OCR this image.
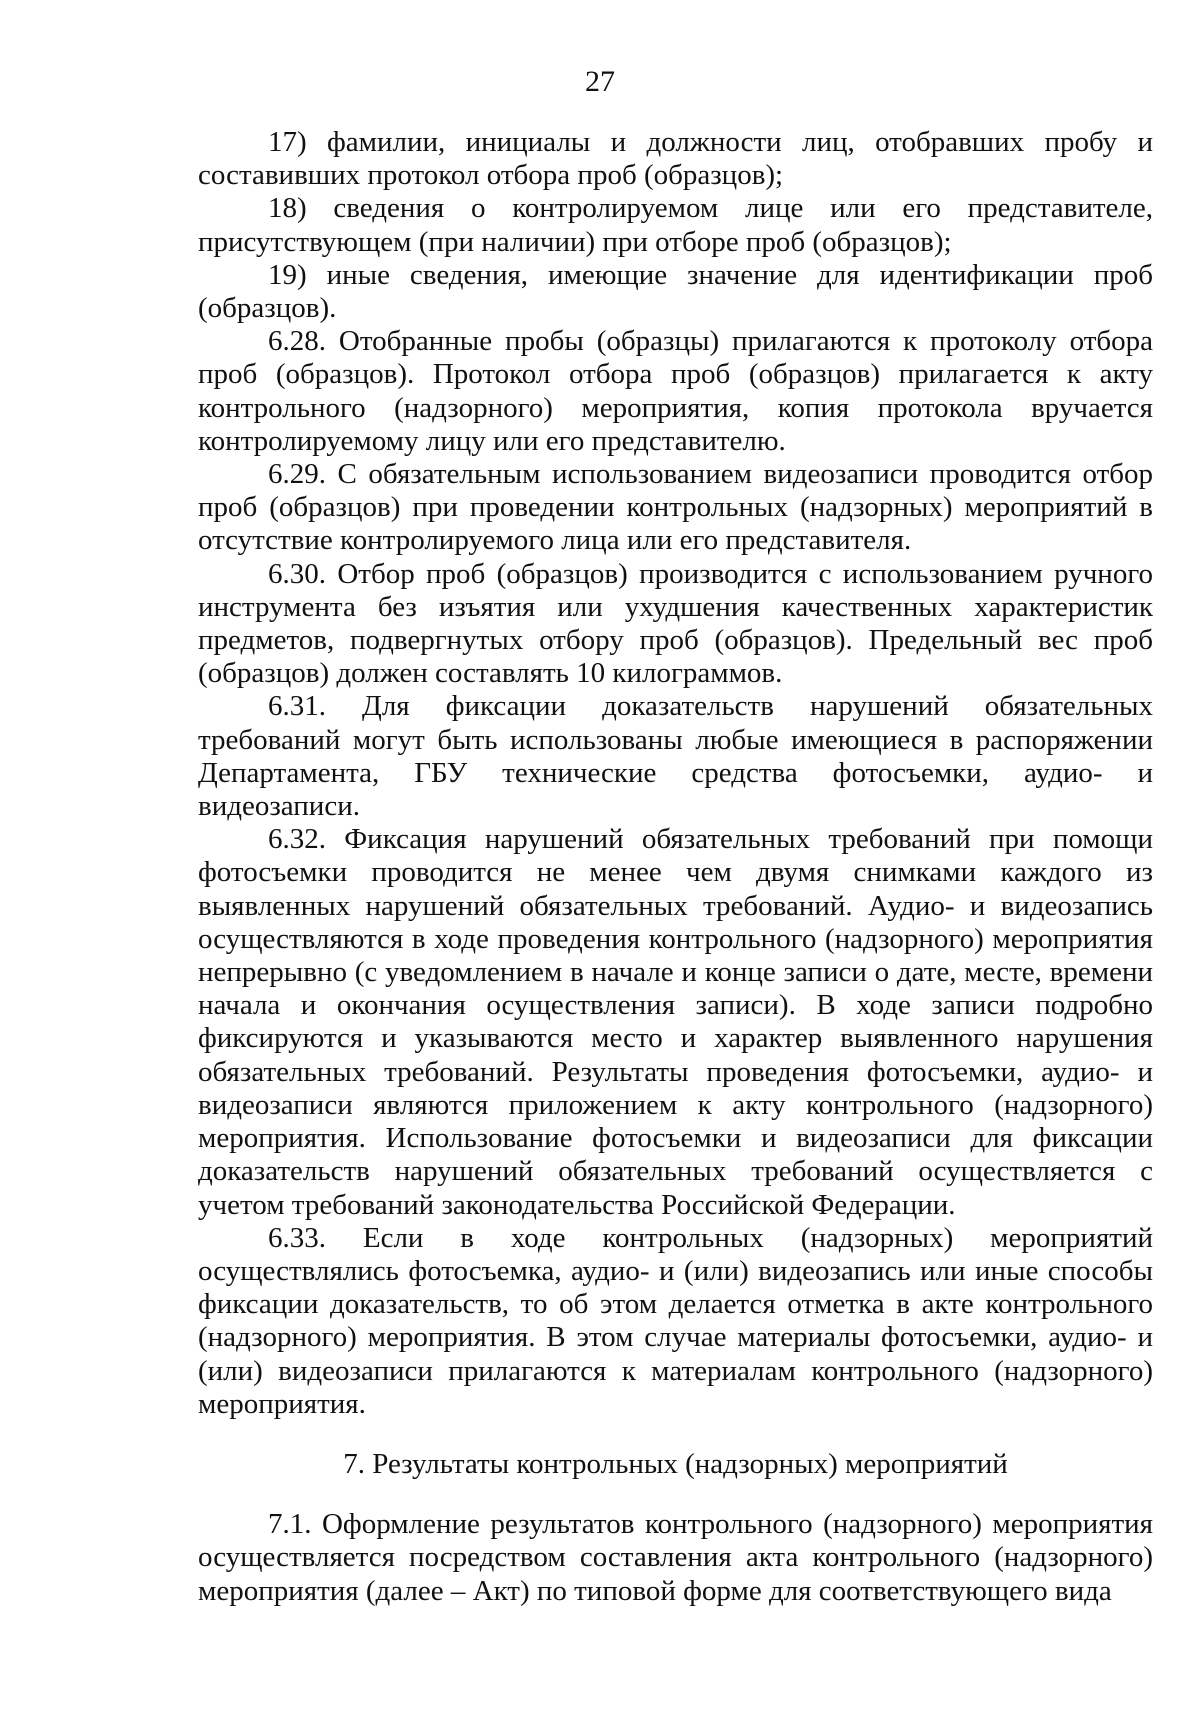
27

17) фамилии, инициалы и должности лиц, отобравших пробу и составивших протокол отбора проб (образцов);

18) сведения о контролируемом лице или его представителе, присутствующем (при наличии) при отборе проб (образцов);

19) иные сведения, имеющие значение для идентификации проб (образцов).

6.28. Отобранные пробы (образцы) прилагаются к протоколу отбора проб (образцов). Протокол отбора проб (образцов) прилагается к акту контрольного (надзорного) мероприятия, копия протокола вручается контролируемому лицу или его представителю.

6.29. С обязательным использованием видеозаписи проводится отбор проб (образцов) при проведении контрольных (надзорных) мероприятий в отсутствие контролируемого лица или его представителя.

6.30. Отбор проб (образцов) производится с использованием ручного инструмента без изъятия или ухудшения качественных характеристик предметов, подвергнутых отбору проб (образцов). Предельный вес проб (образцов) должен составлять 10 килограммов.

6.31. Для фиксации доказательств нарушений обязательных требований могут быть использованы любые имеющиеся в распоряжении Департамента, ГБУ технические средства фотосъемки, аудио- и видеозаписи.

6.32. Фиксация нарушений обязательных требований при помощи фотосъемки проводится не менее чем двумя снимками каждого из выявленных нарушений обязательных требований. Аудио- и видеозапись осуществляются в ходе проведения контрольного (надзорного) мероприятия непрерывно (с уведомлением в начале и конце записи о дате, месте, времени начала и окончания осуществления записи). В ходе записи подробно фиксируются и указываются место и характер выявленного нарушения обязательных требований. Результаты проведения фотосъемки, аудио- и видеозаписи являются приложением к акту контрольного (надзорного) мероприятия. Использование фотосъемки и видеозаписи для фиксации доказательств нарушений обязательных требований осуществляется с учетом требований законодательства Российской Федерации.

6.33. Если в ходе контрольных (надзорных) мероприятий осуществлялись фотосъемка, аудио- и (или) видеозапись или иные способы фиксации доказательств, то об этом делается отметка в акте контрольного (надзорного) мероприятия. В этом случае материалы фотосъемки, аудио- и (или) видеозаписи прилагаются к материалам контрольного (надзорного) мероприятия.

7. Результаты контрольных (надзорных) мероприятий

7.1. Оформление результатов контрольного (надзорного) мероприятия осуществляется посредством составления акта контрольного (надзорного) мероприятия (далее – Акт) по типовой форме для соответствующего вида
